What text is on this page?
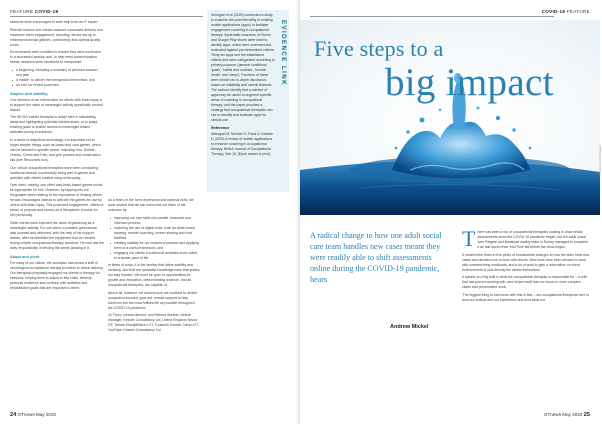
FEATURE COVID-19

sessions were encouraged to seek help from an IT expert.

Remote session one checks assured successful delivery and maximum client engagement, including: device set-up to minimise technical glitches, connectivity and optimal quality hours.

Environments were modified to ensure they were conducive to a successful session and, to help meet communication needs, sessions were structured to incorporate:

a beginning, including a summary of previous session and plan
a middle, to deliver the therapeutic intervention, and
an end, for review purposes.
Staples and stability

One element of our intervention for clients with brain injury is to support the value of meaningful activity specifically around leisure.

The WCHG trained therapist to adapt here in stimulating ideas and highlighting potential interest areas, or to adapt existing goals to enable access to meaningful leisure activities during a lockdown.

In a world of ubiquitous technology, it is important not to forget simpler things, such as board and card games, which can be tailored to specific needs, including Uno, Dobble, Cheats, Chess and Pokr, and give puzzles and construction kits (see Resources box).

Our 'virtual' occupational therapists have been conducting functional session successfully being part in games and activities with clients located many miles away.

Over steel, notably, one client was brain-based games would be appropriate for him. However, by tapping into the Kingmaker when relating to the importance of helping others, he was encouraged instead to activate the games for use by others with brain injury. This promoted engagement, offered a sense of purpose and served as a therapeutic process for him personally.

Other clients have explored the value of gardening as a meaningful activity. For one client, a portable greenhouse was sourced and delivered, with the help of his support worker, after he identified the equipment that he needed during remote occupational therapy sessions. He now has the daily responsibility of tending the seeds growing in it.

Adapt and pivot

For many of our clients, the lockdown has meant a shift of neurological occupational therapy provision to virtual delivery. Our therapists physically engaged our clients in therapy via sessions, helping them to adjust to this crisis, develop personal resilience and continue with activities and rehabilitation goals that are important to them.

Sebuguzi et al (2020) conducted a study to examine the potential utility of existing mobile applications (apps) to facilitate engagement coaching in occupational therapy. Systematic searches of iTunes and Google Play stores were used to identify apps, which were screened and evaluated against pre-determined criteria. Thirty-six apps met the established criteria and were categorised according to primary purpose ('general conditions', 'goals', 'habits and routines', 'mental health' and 'sleep'). Fourteen of these were chosen for in-depth discussion, based on suitability and overall features. The authors identify that a number of apps may be useful to augment specific areas of coaching in occupational therapy, and the paper provides a strategy that occupational therapists can use to identify and evaluate apps for clinical use.

Reference

Sebuguzi M, Mohtah S, Frank V, Kessler D (2020) A review of mobile applications to enhance coaching in occupational therapy. British Journal of Occupational Therapy, Mar 10. [Epub ahead of print].

EVIDENCE LINK

As a team, in the form of personal and national risks, we have shared that we can overcome our fears of the unknown by:

improving our own skills into candid, reasoned and informed process
exploring the use of digital tools, such as white-board drawing, remote coaching, screen sharing and chat facilities
creating stability for our models of practice and applying them to a useful framework, and
engaging our clients in traditional activities more suited to a slower pace of life.

In times of crisis, it is the familiar that offers stability and certainty, and that are specialist knowledge base that guides our way forward. We must be open to opportunities for growth and innovation, demonstrating what we, and all occupational therapists, are capable of.

Above all, however, we must ensure we continue to deliver occupation focused, goal-led, remote support to help survivors live the most fulfilled life as possible throughout the COVID-19 pandemic.

Jo Thorp, clinical director, and Nichola Skelton, clinical manager, Kessler Consultancy Ltd, United Kingdom Neuro OT; Tarhan Khanjid/Neuro OT, Trustnuto Kessler, Neuro OT, YouTube: Kessler Consultancy Ltd

24 OTnews May 2020
COVID-19 FEATURE
Five steps to a
big impact
Shutterstock/Unsplash
A radical change to how one adult social care team handles new cases meant they were readily able to shift assessments online during the COVID-19 pandemic, hears
Andrew Mickel

There has been a run of occupational therapists looking to draw virtual assessments since the COVID-19 pandemic began, but the adult social care Reigate and Banstead locality team in Surrey managed to complete it as half dozen from YourTime fail before the crisis began.

It rostered the team in five years of fundamental changes to how the team treat new cases and decides how to work with clients. New tools have been devised to deal with overwhelming workloads, and a lot of work to gain a information on client environments is now directly the clients themselves.

It speaks to a big shift in what the occupational therapist is responsible for – a shift that has proven working with, and helped staff learn to focus on more complex cases and preventative work.

'The biggest thing to overcome with this is fear – are occupational therapists here to trust our instinct and our experience and trust what our

OTnews May 2020 25
